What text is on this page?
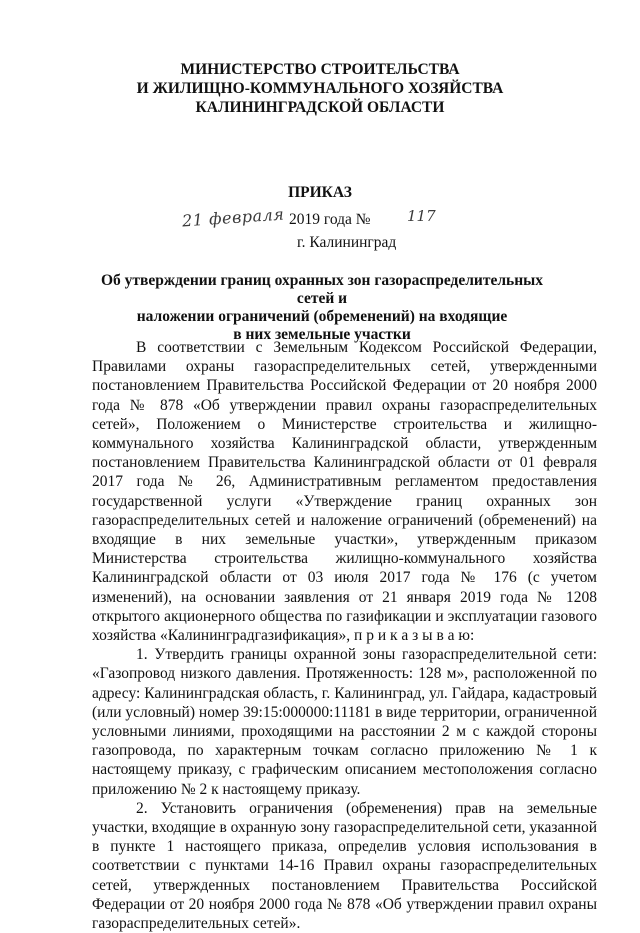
МИНИСТЕРСТВО СТРОИТЕЛЬСТВА
И ЖИЛИЩНО-КОММУНАЛЬНОГО ХОЗЯЙСТВА
КАЛИНИНГРАДСКОЙ ОБЛАСТИ
ПРИКАЗ
21 февраля 2019 года № 117
г. Калининград
Об утверждении границ охранных зон газораспределительных сетей и
наложении ограничений (обременений) на входящие
в них земельные участки

В соответствии с Земельным Кодексом Российской Федерации, Правилами охраны газораспределительных сетей, утвержденными постановлением Правительства Российской Федерации от 20 ноября 2000 года № 878 «Об утверждении правил охраны газораспределительных сетей», Положением о Министерстве строительства и жилищно-коммунального хозяйства Калининградской области, утвержденным постановлением Правительства Калининградской области от 01 февраля 2017 года № 26, Административным регламентом предоставления государственной услуги «Утверждение границ охранных зон газораспределительных сетей и наложение ограничений (обременений) на входящие в них земельные участки», утвержденным приказом Министерства строительства жилищно-коммунального хозяйства Калининградской области от 03 июля 2017 года № 176 (с учетом изменений), на основании заявления от 21 января 2019 года № 1208 открытого акционерного общества по газификации и эксплуатации газового хозяйства «Калининградгазификация», п р и к а з ы в а ю:

1. Утвердить границы охранной зоны газораспределительной сети: «Газопровод низкого давления. Протяженность: 128 м», расположенной по адресу: Калининградская область, г. Калининград, ул. Гайдара, кадастровый (или условный) номер 39:15:000000:11181 в виде территории, ограниченной условными линиями, проходящими на расстоянии 2 м с каждой стороны газопровода, по характерным точкам согласно приложению № 1 к настоящему приказу, с графическим описанием местоположения согласно приложению № 2 к настоящему приказу.

2. Установить ограничения (обременения) прав на земельные участки, входящие в охранную зону газораспределительной сети, указанной в пункте 1 настоящего приказа, определив условия использования в соответствии с пунктами 14-16 Правил охраны газораспределительных сетей, утвержденных постановлением Правительства Российской Федерации от 20 ноября 2000 года № 878 «Об утверждении правил охраны газораспределительных сетей».
